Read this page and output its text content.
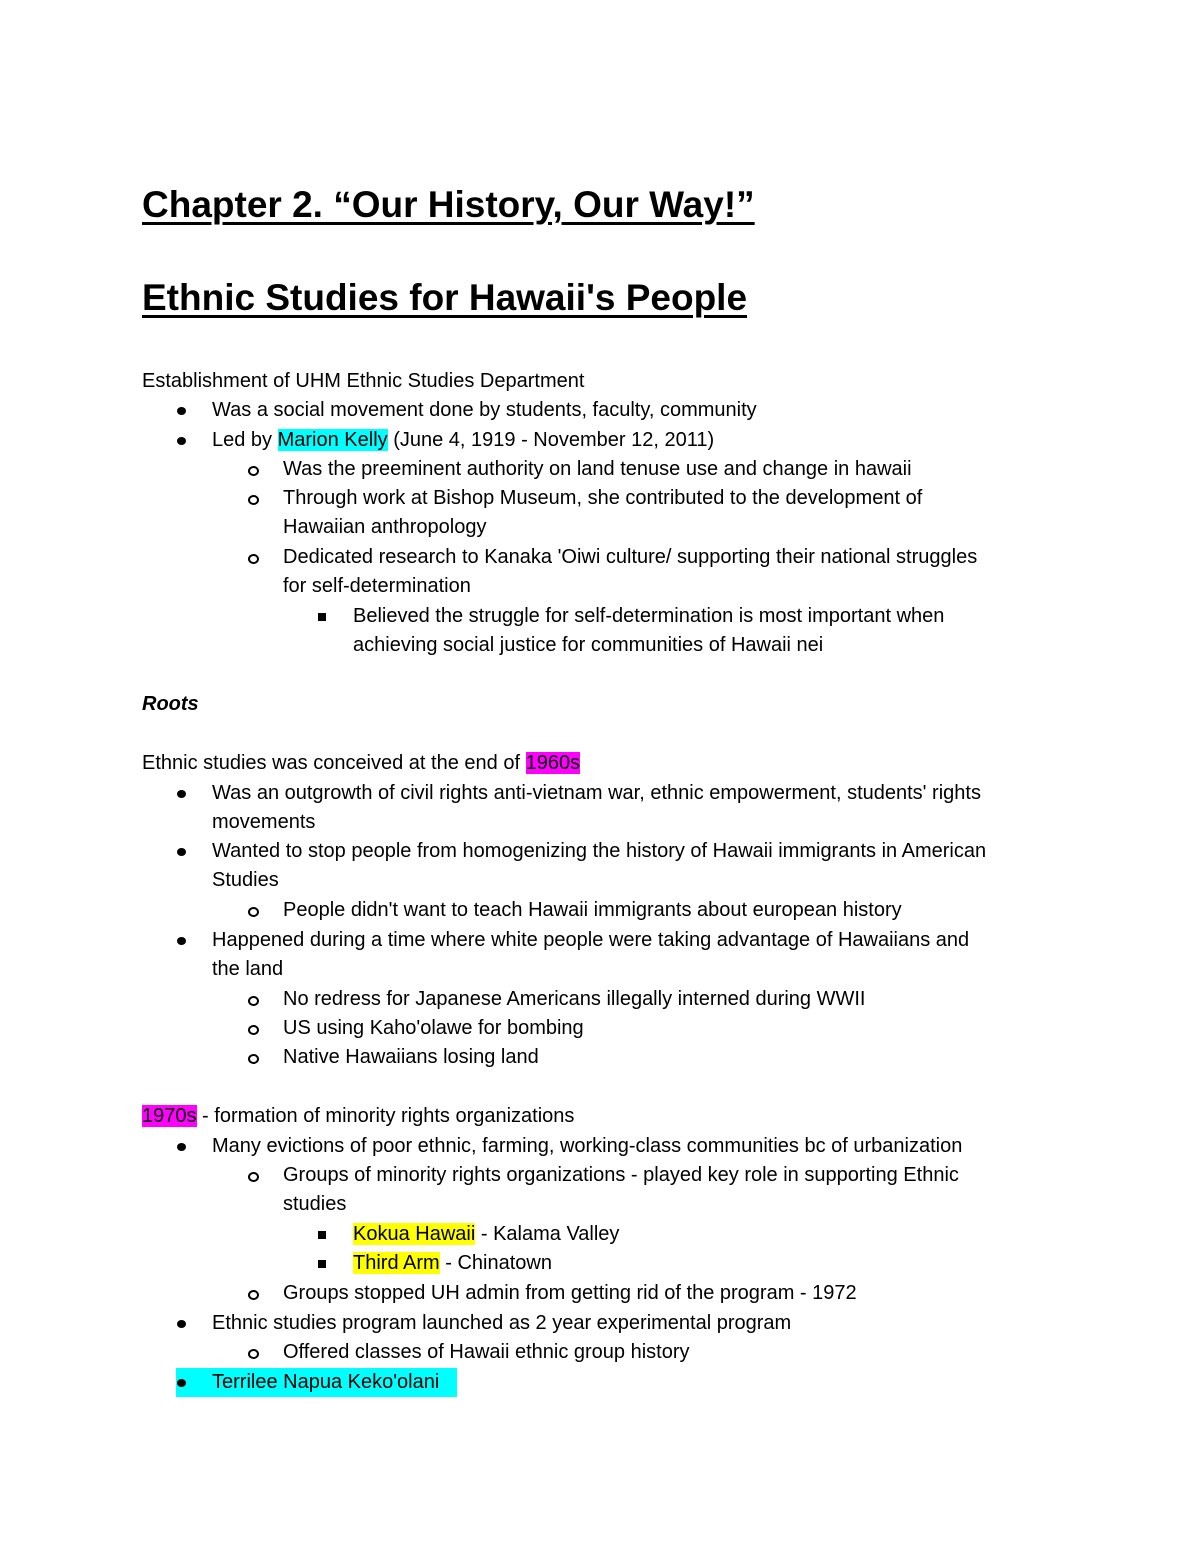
Chapter 2. “Our History, Our Way!”
Ethnic Studies for Hawaii's People
Establishment of UHM Ethnic Studies Department
Was a social movement done by students, faculty, community
Led by Marion Kelly (June 4, 1919 - November 12, 2011)
Was the preeminent authority on land tenuse use and change in hawaii
Through work at Bishop Museum, she contributed to the development of
Hawaiian anthropology
Dedicated research to Kanaka 'Oiwi culture/ supporting their national struggles
for self-determination
Believed the struggle for self-determination is most important when
achieving social justice for communities of Hawaii nei
Roots
Ethnic studies was conceived at the end of 1960s
Was an outgrowth of civil rights anti-vietnam war, ethnic empowerment, students' rights
movements
Wanted to stop people from homogenizing the history of Hawaii immigrants in American
Studies
People didn't want to teach Hawaii immigrants about european history
Happened during a time where white people were taking advantage of Hawaiians and
the land
No redress for Japanese Americans illegally interned during WWII
US using Kaho'olawe for bombing
Native Hawaiians losing land
1970s - formation of minority rights organizations
Many evictions of poor ethnic, farming, working-class communities bc of urbanization
Groups of minority rights organizations - played key role in supporting Ethnic
studies
Kokua Hawaii - Kalama Valley
Third Arm - Chinatown
Groups stopped UH admin from getting rid of the program - 1972
Ethnic studies program launched as 2 year experimental program
Offered classes of Hawaii ethnic group history
Terrilee Napua Keko'olani
